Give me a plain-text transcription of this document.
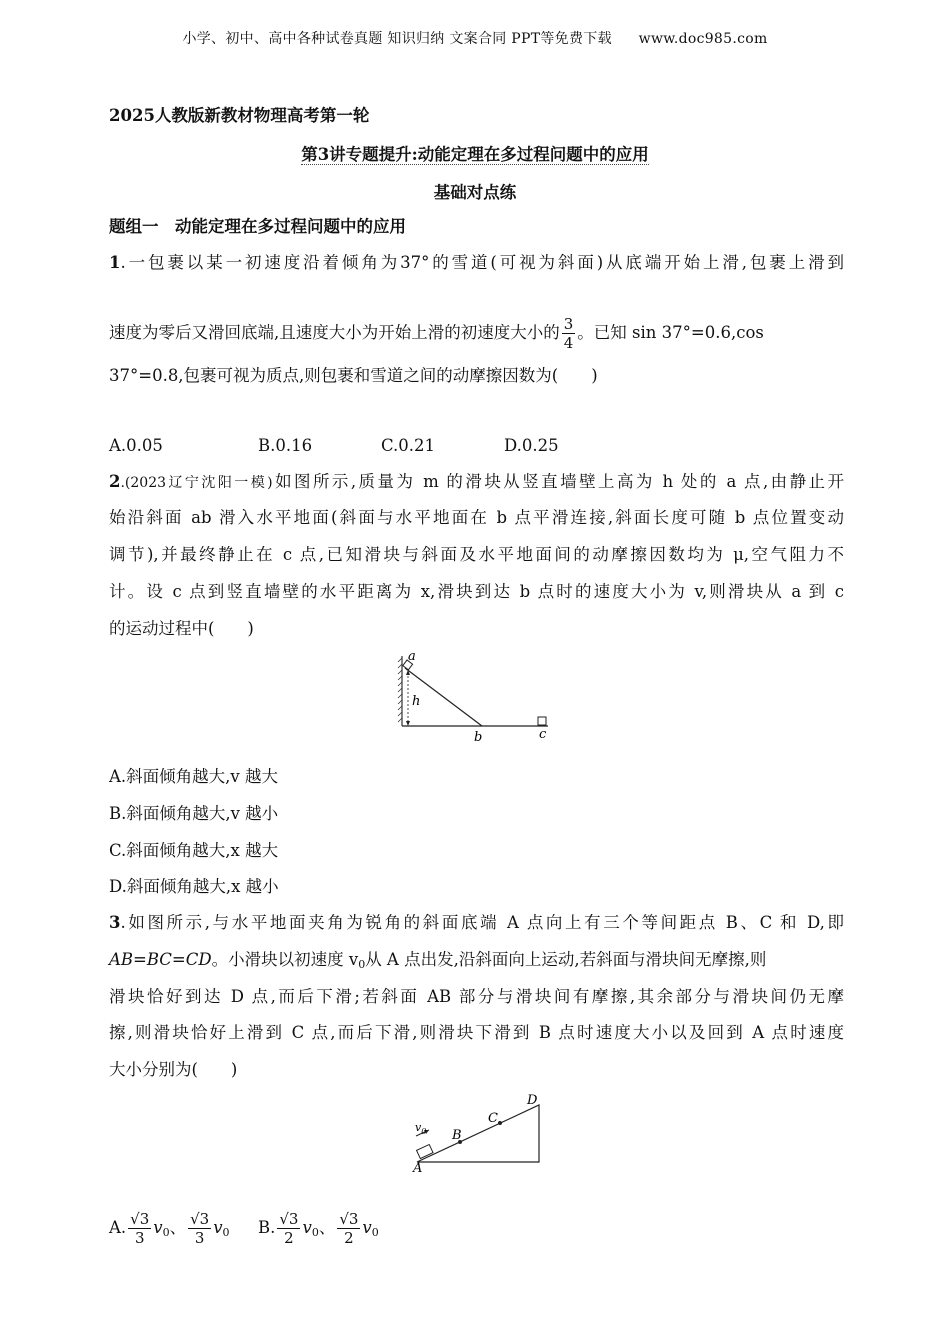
小学、初中、高中各种试卷真题 知识归纳 文案合同 PPT等免费下载 www.doc985.com
2025人教版新教材物理高考第一轮
第3讲专题提升:动能定理在多过程问题中的应用
基础对点练
题组一　动能定理在多过程问题中的应用
1.一包裹以某一初速度沿着倾角为37°的雪道(可视为斜面)从底端开始上滑,包裹上滑到
速度为零后又滑回底端,且速度大小为开始上滑的初速度大小的 $\frac{3}{4}$ 。已知 sin 37°=0.6,cos
37°=0.8,包裹可视为质点,则包裹和雪道之间的动摩擦因数为(　　)
A.0.05	B.0.16	C.0.21	D.0.25
2.(2023辽宁沈阳一模)如图所示,质量为 m 的滑块从竖直墙壁上高为 h 处的 a 点,由静止开
始沿斜面 ab 滑入水平地面(斜面与水平地面在 b 点平滑连接,斜面长度可随 b 点位置变动
调节),并最终静止在 c 点,已知滑块与斜面及水平地面间的动摩擦因数均为 μ,空气阻力不
计。设 c 点到竖直墙壁的水平距离为 x,滑块到达 b 点时的速度大小为 v,则滑块从 a 到 c
的运动过程中(　　)
a
h
b	c
A.斜面倾角越大,v 越大
B.斜面倾角越大,v 越小
C.斜面倾角越大,x 越大
D.斜面倾角越大,x 越小
3.如图所示,与水平地面夹角为锐角的斜面底端 A 点向上有三个等间距点 B、C 和 D,即
AB=BC=CD。小滑块以初速度 $v_0$从 A 点出发,沿斜面向上运动,若斜面与滑块间无摩擦,则
滑块恰好到达 D 点,而后下滑;若斜面 AB 部分与滑块间有摩擦,其余部分与滑块间仍无摩
擦,则滑块恰好上滑到 C 点,而后下滑,则滑块下滑到 B 点时速度大小以及回到 A 点时速度
大小分别为(　　)
$v_0$
A
B
C
D
A. $\frac{√3}{3} v_0$、 $\frac{√3}{3} v_0$ B. $\frac{√3}{2} v_0$、 $\frac{√3}{2} v_0$
